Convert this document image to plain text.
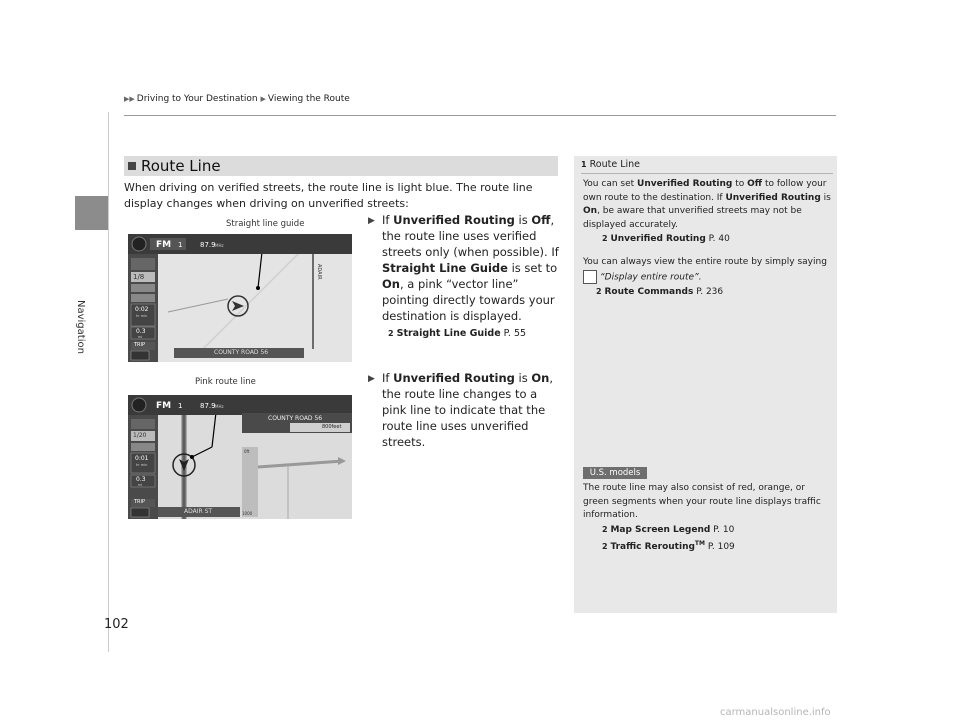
Navigation
▶▶ Driving to Your Destination ▶ Viewing the Route
Route Line
When driving on verified streets, the route line is light blue. The route line display changes when driving on unverified streets:
Straight line guide
Pink route line
FM 1	87.9 MHz
1/8
0:02
hr min
0.3
mi
TRIP
ADAIR
COUNTY ROAD 56
FM 1	87.9 MHz
COUNTY ROAD 56
800feet
1/20
0:01
hr min
0.3
mi
TRIP
0ft
1000
ADAIR ST
▶ If Unverified Routing is Off, the route line uses verified streets only (when possible). If Straight Line Guide is set to On, a pink “vector line” pointing directly towards your destination is displayed.
2 Straight Line Guide P. 55
▶ If Unverified Routing is On, the route line changes to a pink line to indicate that the route line uses unverified streets.
1 Route Line
You can set Unverified Routing to Off to follow your own route to the destination. If Unverified Routing is On, be aware that unverified streets may not be displayed accurately.
2 Unverified Routing P. 40
You can always view the entire route by simply saying
“Display entire route”.
2 Route Commands P. 236
U.S. models
The route line may also consist of red, orange, or green segments when your route line displays traffic information.
2 Map Screen Legend P. 10
2 Traffic Rerouting™ P. 109
102
carmanualsonline.info
